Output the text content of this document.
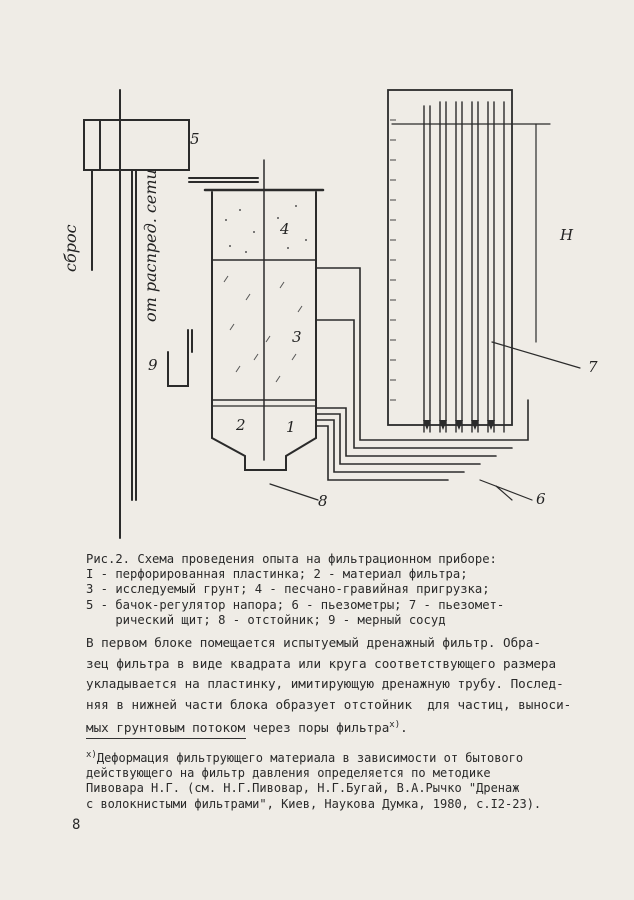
5
4
3
2	1
8
9
6
7
H
сброс	от распред. сети
Рис.2. Схема проведения опыта на фильтрационном приборе:
I - перфорированная пластинка; 2 - материал фильтра;
3 - исследуемый грунт; 4 - песчано-гравийная пригрузка;
5 - бачок-регулятор напора; 6 - пьезометры; 7 - пьезомет-
рический щит; 8 - отстойник; 9 - мерный сосуд
В первом блоке помещается испытуемый дренажный фильтр. Обра-
зец фильтра в виде квадрата или круга соответствующего размера
укладывается на пластинку, имитирующую дренажную трубу. Послед-
няя в нижней части блока образует отстойник  для частиц, выноси-
мых грунтовым потоком через поры фильтра$^{х)}$.
$^{х)}$Деформация фильтрующего материала в зависимости от бытового
действующего на фильтр давления определяется по методике
Пивовара Н.Г. (см. Н.Г.Пивовар, Н.Г.Бугай, В.А.Рычко "Дренаж
с волокнистыми фильтрами", Киев, Наукова Думка, 1980, с.I2-23).
8
